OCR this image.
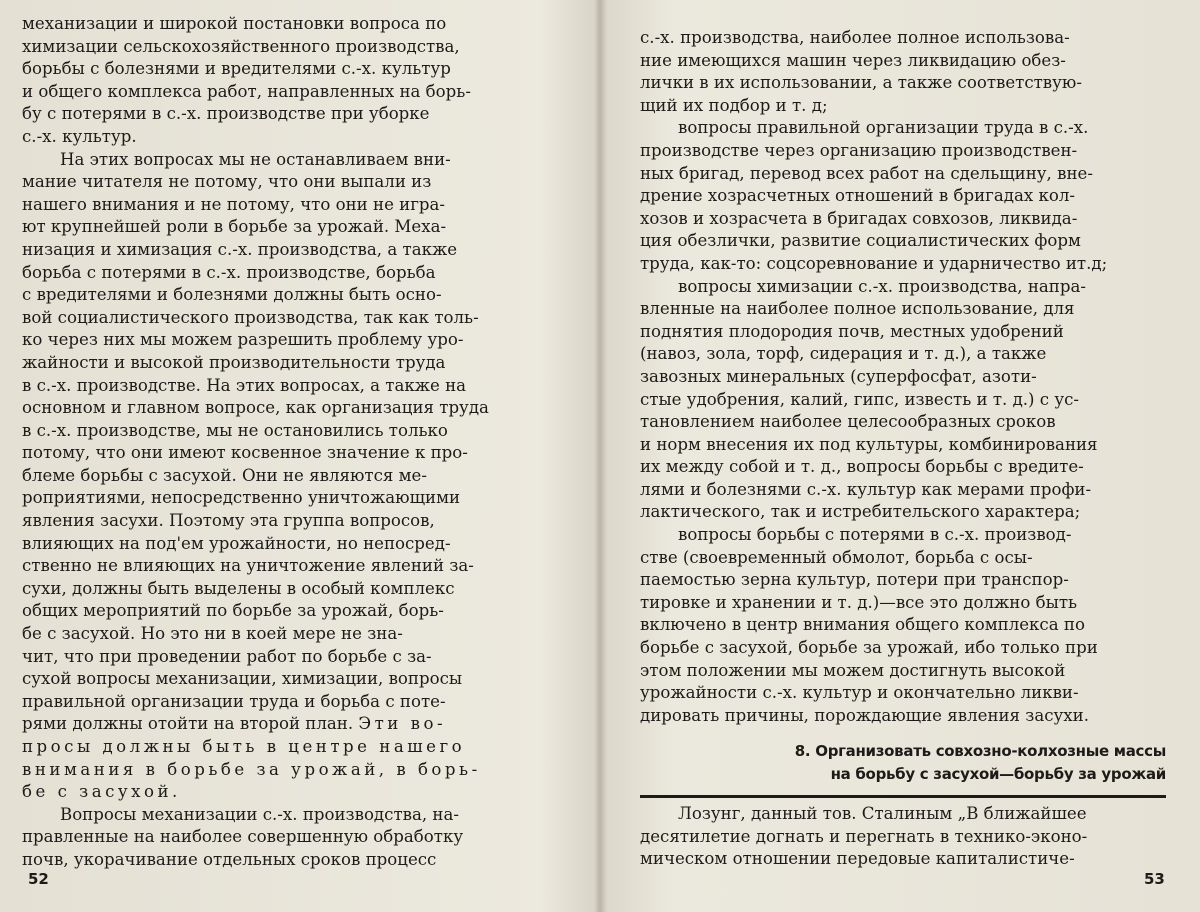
механизации и широкой постановки вопроса по
химизации сельскохозяйственного производства,
борьбы с болезнями и вредителями с.-х. культур
и общего комплекса работ, направленных на борь-
бу с потерями в с.-х. производстве при уборке
с.-х. культур.
На этих вопросах мы не останавливаем вни-
мание читателя не потому, что они выпали из
нашего внимания и не потому, что они не игра-
ют крупнейшей роли в борьбе за урожай. Меха-
низация и химизация с.-х. производства, а также
борьба с потерями в с.-х. производстве, борьба
с вредителями и болезнями должны быть осно-
вой социалистического производства, так как толь-
ко через них мы можем разрешить проблему уро-
жайности и высокой производительности труда
в с.-х. производстве. На этих вопросах, а также на
основном и главном вопросе, как организация труда
в с.-х. производстве, мы не остановились только
потому, что они имеют косвенное значение к про-
блеме борьбы с засухой. Они не являются ме-
роприятиями, непосредственно уничтожающими
явления засухи. Поэтому эта группа вопросов,
влияющих на под'ем урожайности, но непосред-
ственно не влияющих на уничтожение явлений за-
сухи, должны быть выделены в особый комплекс
общих мероприятий по борьбе за урожай, борь-
бе с засухой. Но это ни в коей мере не зна-
чит, что при проведении работ по борьбе с за-
сухой вопросы механизации, химизации, вопросы
правильной организации труда и борьба с поте-
рями должны отойти на второй план. Эти во-
просы должны быть в центре нашего
внимания в борьбе за урожай, в борь-
бе с засухой.
Вопросы механизации с.-х. производства, на-
правленные на наиболее совершенную обработку
почв, укорачивание отдельных сроков процесс
52
с.-х. производства, наиболее полное использова-
ние имеющихся машин через ликвидацию обез-
лички в их использовании, а также соответствую-
щий их подбор и т. д;
вопросы правильной организации труда в с.-х.
производстве через организацию производствен-
ных бригад, перевод всех работ на сдельщину, вне-
дрение хозрасчетных отношений в бригадах кол-
хозов и хозрасчета в бригадах совхозов, ликвида-
ция обезлички, развитие социалистических форм
труда, как-то: соцсоревнование и ударничество ит.д;
вопросы химизации с.-х. производства, напра-
вленные на наиболее полное использование, для
поднятия плодородия почв, местных удобрений
(навоз, зола, торф, сидерация и т. д.), а также
завозных минеральных (суперфосфат, азоти-
стые удобрения, калий, гипс, известь и т. д.) с ус-
тановлением наиболее целесообразных сроков
и норм внесения их под культуры, комбинирования
их между собой и т. д., вопросы борьбы с вредите-
лями и болезнями с.-х. культур как мерами профи-
лактического, так и истребительского характера;
вопросы борьбы с потерями в с.-х. производ-
стве (своевременный обмолот, борьба с осы-
паемостью зерна культур, потери при транспор-
тировке и хранении и т. д.)—все это должно быть
включено в центр внимания общего комплекса по
борьбе с засухой, борьбе за урожай, ибо только при
этом положении мы можем достигнуть высокой
урожайности с.-х. культур и окончательно ликви-
дировать причины, порождающие явления засухи.
8. Организовать совхозно-колхозные массы
на борьбу с засухой—борьбу за урожай
Лозунг, данный тов. Сталиным „В ближайшее
десятилетие догнать и перегнать в технико-эконо-
мическом отношении передовые капиталистиче-
53
